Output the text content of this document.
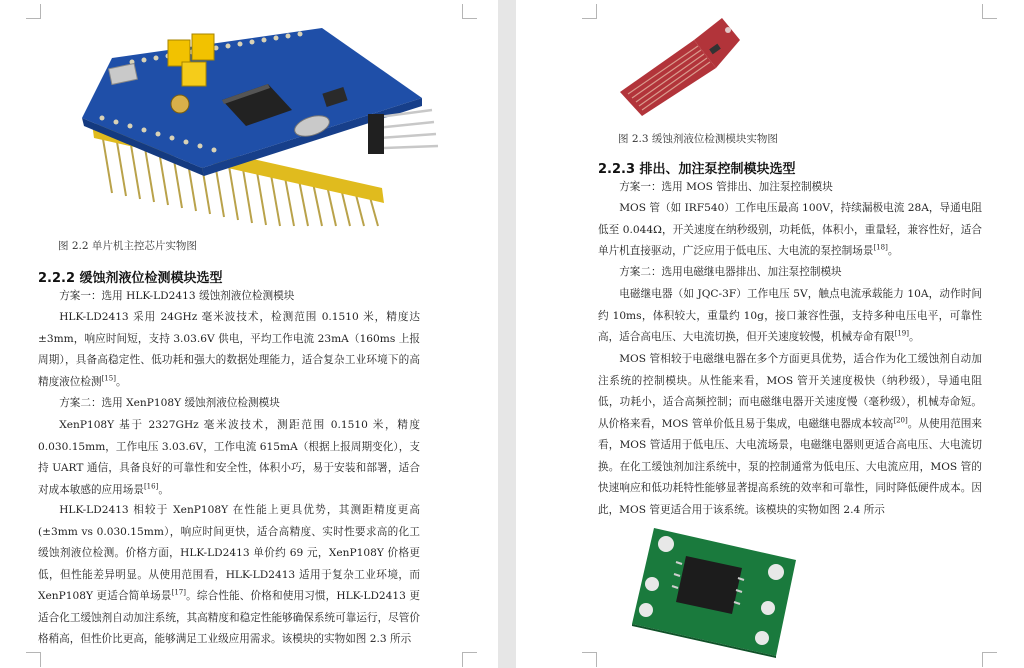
图 2.2 单片机主控芯片实物图
2.2.2 缓蚀剂液位检测模块选型
方案一：选用 HLK-LD2413 缓蚀剂液位检测模块
HLK-LD2413 采用 24GHz 毫米波技术，检测范围 0.1510 米，精度达±3mm，响应时间短，支持 3.03.6V 供电，平均工作电流 23mA（160ms 上报周期），具备高稳定性、低功耗和强大的数据处理能力，适合复杂工业环境下的高精度液位检测[15]。
方案二：选用 XenP108Y 缓蚀剂液位检测模块
XenP108Y 基于 2327GHz 毫米波技术，测距范围 0.1510 米，精度 0.030.15mm，工作电压 3.03.6V，工作电流 615mA（根据上报周期变化），支持 UART 通信，具备良好的可靠性和安全性，体积小巧，易于安装和部署，适合对成本敏感的应用场景[16]。
HLK-LD2413 相较于 XenP108Y 在性能上更具优势，其测距精度更高(±3mm vs 0.030.15mm），响应时间更快，适合高精度、实时性要求高的化工缓蚀剂液位检测。价格方面，HLK-LD2413 单价约 69 元，XenP108Y 价格更低，但性能差异明显。从使用范围看，HLK-LD2413 适用于复杂工业环境，而 XenP108Y 更适合简单场景[17]。综合性能、价格和使用习惯，HLK-LD2413 更适合化工缓蚀剂自动加注系统，其高精度和稳定性能够确保系统可靠运行，尽管价格稍高，但性价比更高，能够满足工业级应用需求。该模块的实物如图 2.3 所示
图 2.3 缓蚀剂液位检测模块实物图
2.2.3 排出、加注泵控制模块选型
方案一：选用 MOS 管排出、加注泵控制模块
MOS 管（如 IRF540）工作电压最高 100V，持续漏极电流 28A，导通电阻低至 0.044Ω，开关速度在纳秒级别，功耗低，体积小，重量轻，兼容性好，适合单片机直接驱动，广泛应用于低电压、大电流的泵控制场景[18]。
方案二：选用电磁继电器排出、加注泵控制模块
电磁继电器（如 JQC-3F）工作电压 5V，触点电流承载能力 10A，动作时间约 10ms，体积较大，重量约 10g，接口兼容性强，支持多种电压电平，可靠性高，适合高电压、大电流切换，但开关速度较慢，机械寿命有限[19]。
MOS 管相较于电磁继电器在多个方面更具优势，适合作为化工缓蚀剂自动加注系统的控制模块。从性能来看，MOS 管开关速度极快（纳秒级），导通电阻低，功耗小，适合高频控制；而电磁继电器开关速度慢（毫秒级），机械寿命短。从价格来看，MOS 管单价低且易于集成，电磁继电器成本较高[20]。从使用范围来看，MOS 管适用于低电压、大电流场景，电磁继电器则更适合高电压、大电流切换。在化工缓蚀剂加注系统中，泵的控制通常为低电压、大电流应用，MOS 管的快速响应和低功耗特性能够显著提高系统的效率和可靠性，同时降低硬件成本。因此，MOS 管更适合用于该系统。该模块的实物如图 2.4 所示
